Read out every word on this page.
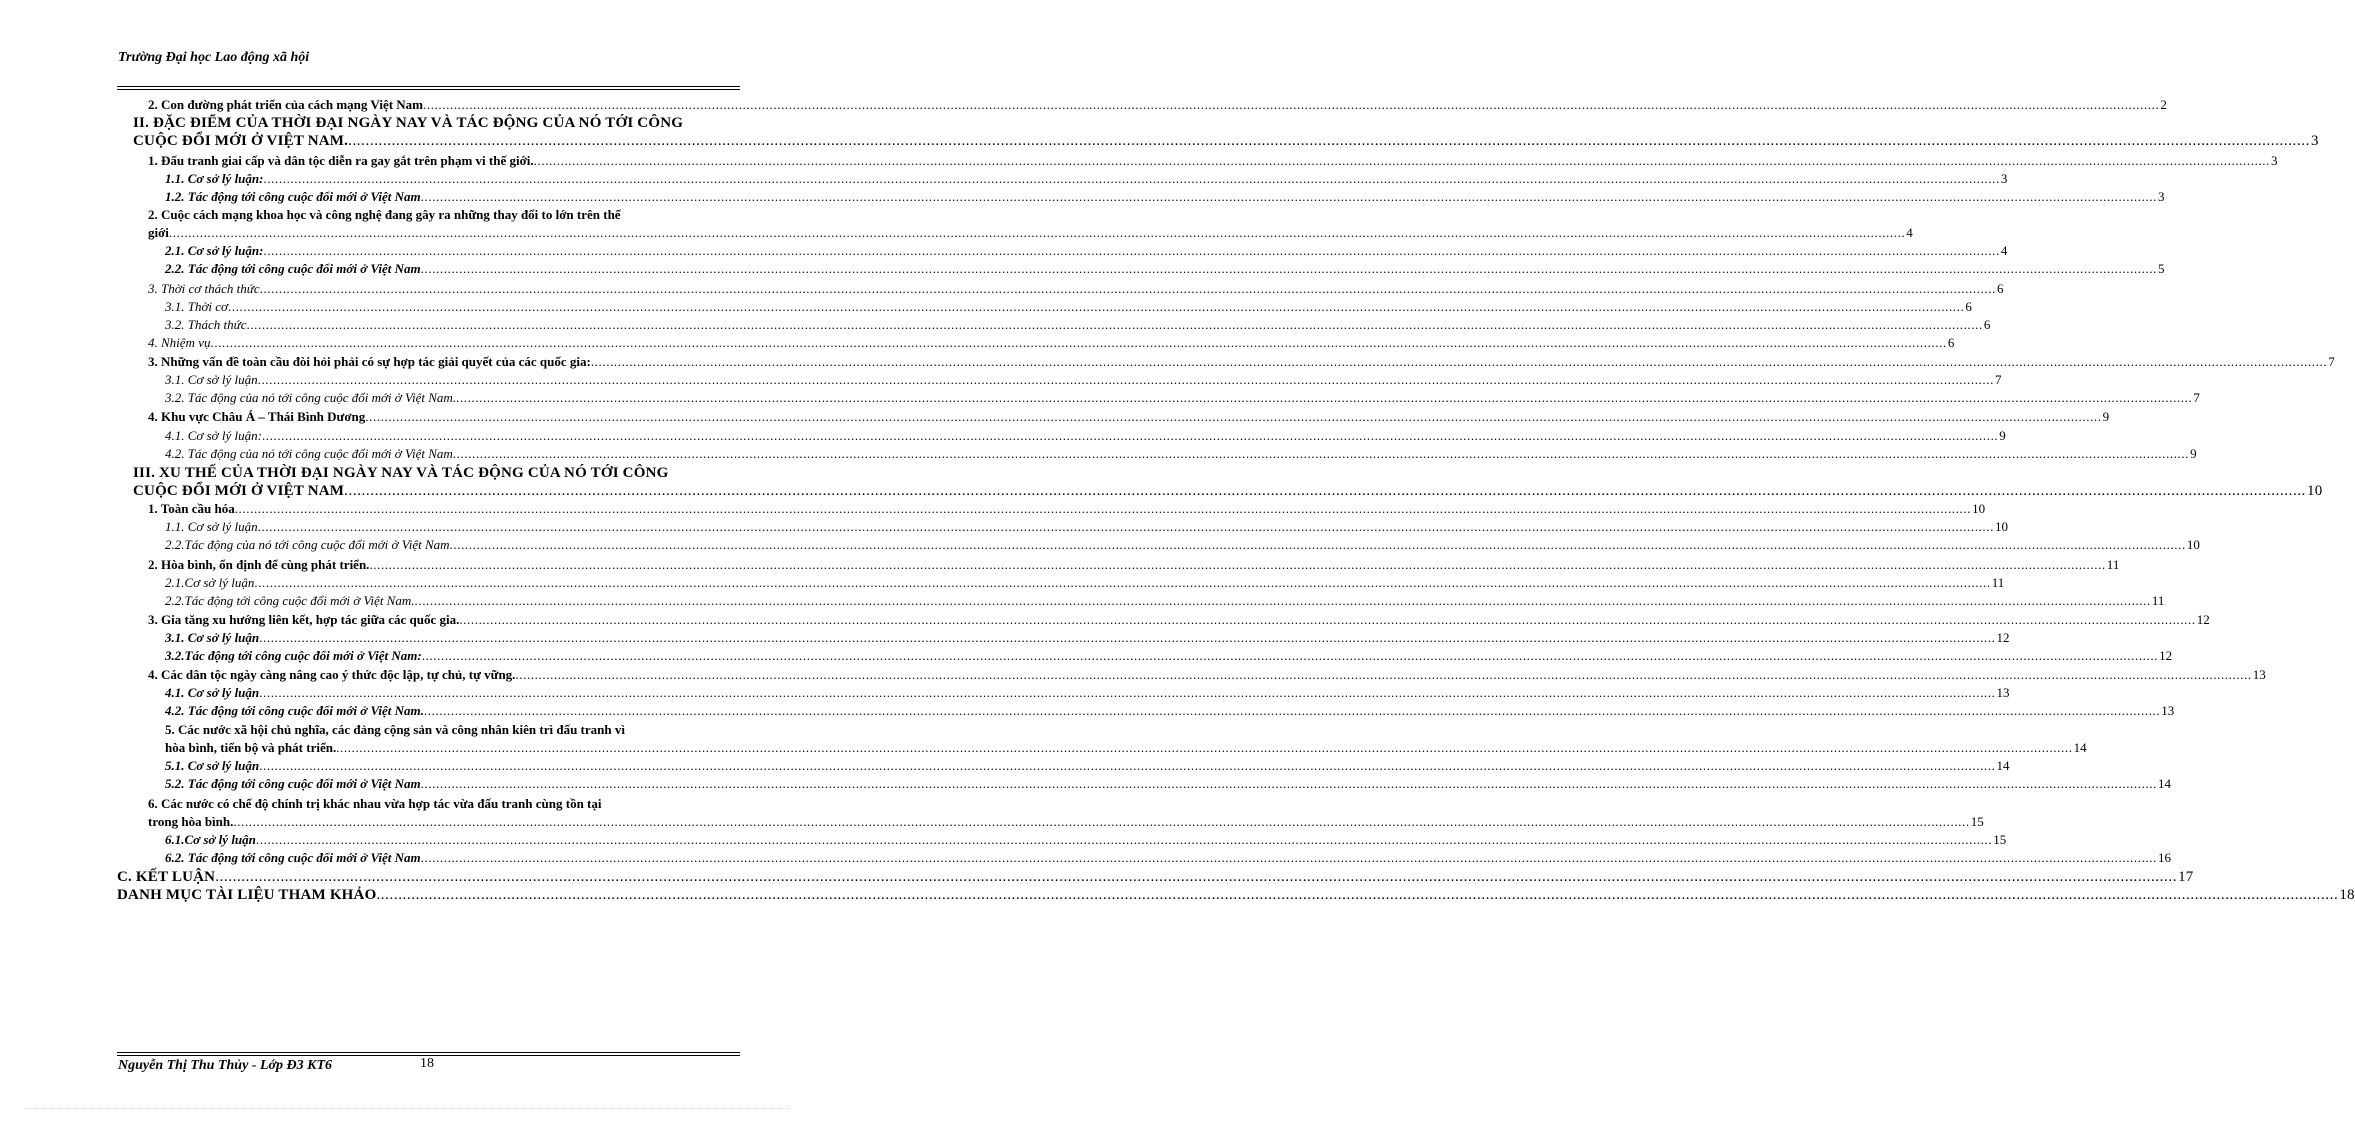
Trường Đại học Lao động xã hội
2. Con đường phát triển của cách mạng Việt Nam .....	2
II. ĐẶC ĐIỂM CỦA THỜI ĐẠI NGÀY NAY VÀ TÁC ĐỘNG CỦA NÓ TỚI CÔNG
CUỘC ĐỔI MỚI Ở VIỆT NAM. .....	3
1. Đấu tranh giai cấp và dân tộc diễn ra gay gắt trên phạm vi thế giới. .....	3
1.1. Cơ sở lý luận: .....	3
1.2. Tác động tới công cuộc đổi mới ở Việt Nam .....	3
2. Cuộc cách mạng khoa học và công nghệ đang gây ra những thay đổi to lớn trên thế
giới .....	4
2.1. Cơ sở lý luận: .....	4
2.2. Tác động tới công cuộc đổi mới ở Việt Nam .....	5
3. Thời cơ thách thức .....	6
3.1. Thời cơ .....	6
3.2. Thách thức .....	6
4. Nhiệm vụ .....	6
3. Những vấn đề toàn cầu đòi hỏi phải có sự hợp tác giải quyết của các quốc gia: .....	7
3.1. Cơ sở lý luận .....	7
3.2. Tác động của nó tới công cuộc đổi mới ở Việt Nam. .....	7
4. Khu vực Châu Á – Thái Bình Dương .....	9
4.1. Cơ sở lý luận: .....	9
4.2. Tác động của nó tới công cuộc đổi mới ở Việt Nam .....	9
III. XU THẾ CỦA THỜI ĐẠI NGÀY NAY VÀ TÁC ĐỘNG CỦA NÓ TỚI CÔNG
CUỘC ĐỔI MỚI Ở VIỆT NAM .....	10
1. Toàn cầu hóa .....	10
1.1. Cơ sở lý luận .....	10
2.2.Tác động của nó tới công cuộc đổi mới ở Việt Nam .....	10
2. Hòa bình, ổn định để cùng phát triển. .....	11
2.1.Cơ sở lý luận .....	11
2.2.Tác động tới công cuộc đổi mới ở Việt Nam. .....	11
3. Gia tăng xu hướng liên kết, hợp tác giữa các quốc gia. .....	12
3.1. Cơ sở lý luận .....	12
3.2.Tác động tới công cuộc đổi mới ở Việt Nam: .....	12
4. Các dân tộc ngày càng nâng cao ý thức độc lập, tự chủ, tự vững. .....	13
4.1. Cơ sở lý luận .....	13
4.2. Tác động tới công cuộc đổi mới ở Việt Nam. .....	13
5. Các nước xã hội chủ nghĩa, các đảng cộng sản và công nhân kiên trì đấu tranh vì
hòa bình, tiến bộ và phát triển. .....	14
5.1. Cơ sở lý luận .....	14
5.2. Tác động tới công cuộc đổi mới ở Việt Nam .....	14
6. Các nước có chế độ chính trị khác nhau vừa hợp tác vừa đấu tranh cùng tồn tại
trong hòa bình. .....	15
6.1.Cơ sở lý luận .....	15
6.2. Tác động tới công cuộc đổi mới ở Việt Nam .....	16
C. KẾT LUẬN .....	17
DANH MỤC TÀI LIỆU THAM KHẢO .....	18
Nguyễn Thị Thu Thủy - Lớp Đ3 KT6	18
